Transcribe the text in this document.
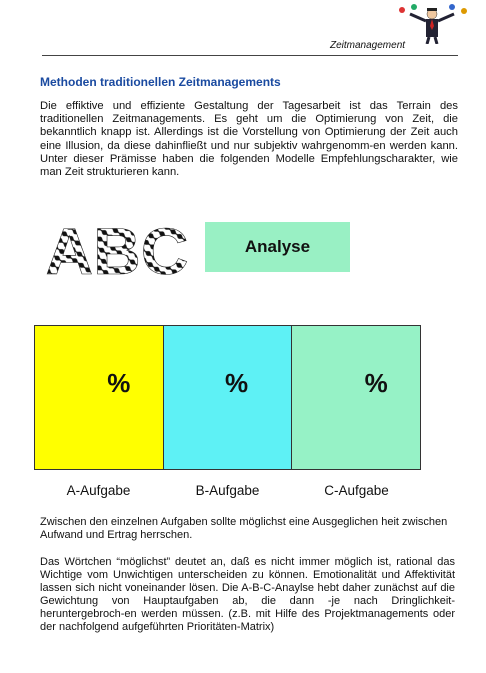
Zeitmanagement
Methoden traditionellen Zeitmanagements

Die effiktive und effiziente Gestaltung der Tagesarbeit ist das Terrain des traditionellen Zeitmanagements. Es geht um die Optimierung von Zeit, die bekanntlich knapp ist. Allerdings ist die Vorstellung von Optimierung der Zeit auch eine Illusion, da diese dahinfließt und nur subjektiv wahrgenomm-en werden kann. Unter dieser Prämisse haben die folgenden Modelle Empfehlungscharakter, wie man Zeit strukturieren kann.

ABC	Analyse
%	%	%
A-Aufgabe	B-Aufgabe	C-Aufgabe

Zwischen den einzelnen Aufgaben sollte möglichst eine Ausgeglichen heit zwischen Aufwand und Ertrag herrschen.

Das Wörtchen “möglichst” deutet an, daß es nicht immer möglich ist, rational das Wichtige vom Unwichtigen unterscheiden zu können. Emotionalität und Affektivität lassen sich nicht voneinander lösen. Die A-B-C-Anaylse hebt daher zunächst auf die Gewichtung von Hauptaufgaben ab, die dann -je nach Dringlichkeit- heruntergebroch-en werden müssen. (z.B. mit Hilfe des Projektmanagements oder der nachfolgend aufgeführten Prioritäten-Matrix)
